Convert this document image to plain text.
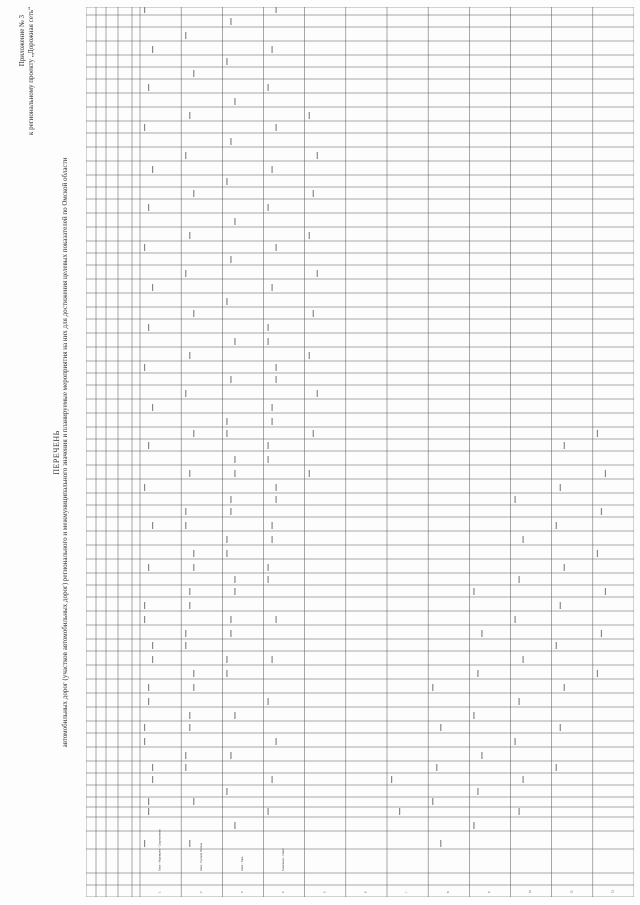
Приложение № 3 к региональному проекту „Дорожная сеть“
ПЕРЕЧЕНЬ автомобильных дорог (участков автомобильных дорог) регионального и межмуниципального значения и планируемые мероприятия на них для достижения целевых показателей по Омской области
1	2	3	4	5	6	7	8	9	10	11	12
Омск - Муромцево - Седельниково	Омск - Русская Поляна	Омск - Тара	Тюкалинск - Called
